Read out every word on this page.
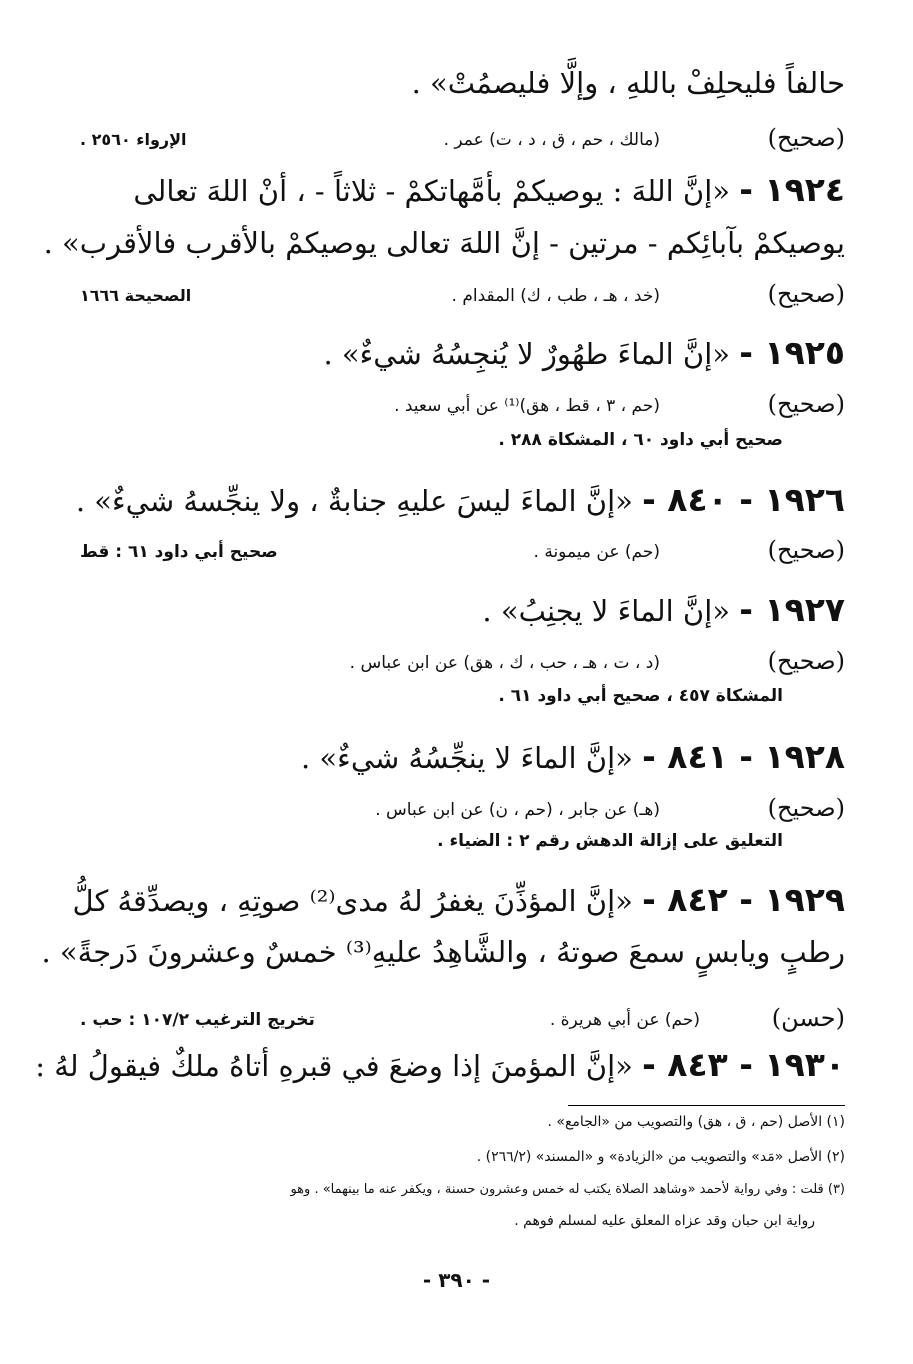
حالفاً فليحلِفْ باللهِ ، وإلَّا فليصمُتْ» .
(صحيح)
(مالك ، حم ، ق ، د ، ت) عمر .
الإرواء ٢٥٦٠ .
١٩٢٤ - «إنَّ اللهَ : يوصيكمْ بأمَّهاتكمْ - ثلاثاً - ، أنْ اللهَ تعالى
يوصيكمْ بآبائِكم - مرتين - إنَّ اللهَ تعالى يوصيكمْ بالأقرب فالأقرب» .
(صحيح)
(خد ، هـ ، طب ، ك) المقدام .
الصحيحة ١٦٦٦
١٩٢٥ - «إنَّ الماءَ طهُورٌ لا يُنجِسُهُ شيءٌ» .
(صحيح)
(حم ، ٣ ، قط ، هق)⁽¹⁾ عن أبي سعيد .
صحيح أبي داود ٦٠ ، المشكاة ٢٨٨ .
١٩٢٦ - ٨٤٠ - «إنَّ الماءَ ليسَ عليهِ جنابةٌ ، ولا ينجِّسهُ شيءٌ» .
(صحيح)
(حم) عن ميمونة .
صحيح أبي داود ٦١ : قط
١٩٢٧ - «إنَّ الماءَ لا يجنِبُ» .
(صحيح)
(د ، ت ، هـ ، حب ، ك ، هق) عن ابن عباس .
المشكاة ٤٥٧ ، صحيح أبي داود ٦١ .
١٩٢٨ - ٨٤١ - «إنَّ الماءَ لا ينجِّسُهُ شيءٌ» .
(صحيح)
(هـ) عن جابر ، (حم ، ن) عن ابن عباس .
التعليق على إزالة الدهش رقم ٢ : الضياء .
١٩٢٩ - ٨٤٢ - «إنَّ المؤذِّنَ يغفرُ لهُ مدى⁽²⁾ صوتِهِ ، ويصدِّقهُ كلُّ
رطبٍ ويابسٍ سمعَ صوتهُ ، والشَّاهِدُ عليهِ⁽³⁾ خمسٌ وعشرونَ دَرجةً» .
(حسن)
(حم) عن أبي هريرة .
تخريج الترغيب ١٠٧/٢ : حب .
١٩٣٠ - ٨٤٣ - «إنَّ المؤمنَ إذا وضعَ في قبرهِ أتاهُ ملكٌ فيقولُ لهُ :
(١) الأصل (حم ، ق ، هق) والتصويب من «الجامع» .
(٢) الأصل «مَد» والتصويب من «الزيادة» و «المسند» (٢٦٦/٢) .
(٣) قلت : وفي رواية لأحمد «وشاهد الصلاة يكتب له خمس وعشرون حسنة ، ويكفر عنه ما بينهما» . وهو
رواية ابن حبان وقد عزاه المعلق عليه لمسلم فوهم .
- ٣٩٠ -
